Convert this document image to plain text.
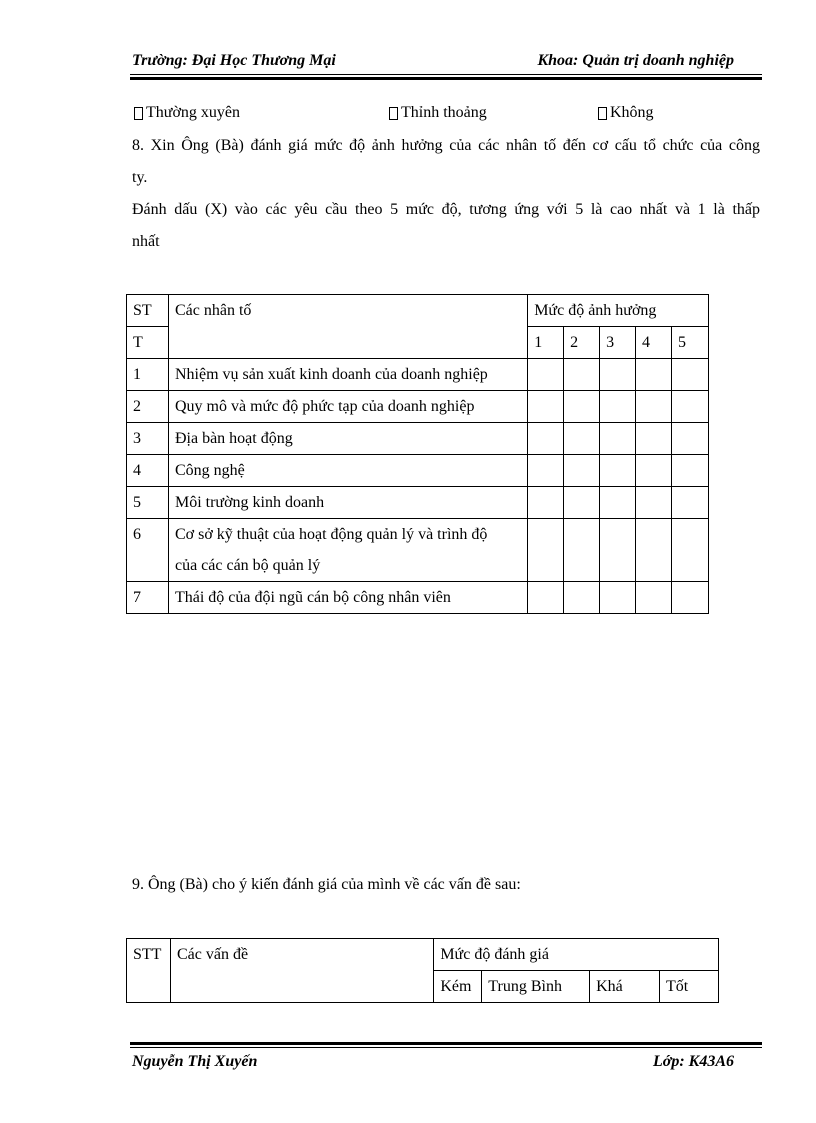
Trường: Đại Học Thương Mại	Khoa: Quản trị doanh nghiệp
Thường xuyên	Thỉnh thoảng	Không
8. Xin Ông (Bà) đánh giá mức độ ảnh hưởng của các nhân tố đến cơ cấu tổ chức của công
ty.
Đánh dấu (X) vào các yêu cầu theo 5 mức độ, tương ứng với 5 là cao nhất và 1 là thấp
nhất
ST	Các nhân tố	Mức độ ảnh hưởng				
T		1	2	3	4	5
1	Nhiệm vụ sản xuất kinh doanh của doanh nghiệp					
2	Quy mô và mức độ phức tạp của doanh nghiệp					
3	Địa bàn hoạt động					
4	Công nghệ					
5	Môi trường kinh doanh					
6	Cơ sở kỹ thuật của hoạt động quản lý và trình độ
của các cán bộ quản lý					

7	Thái độ của đội ngũ cán bộ công nhân viên					
9. Ông (Bà) cho ý kiến đánh giá của mình về các vấn đề sau:
STT	Các vấn đề	Mức độ đánh giá			
		Kém	Trung Bình	Khá	Tốt
Nguyễn Thị Xuyến	Lớp: K43A6
